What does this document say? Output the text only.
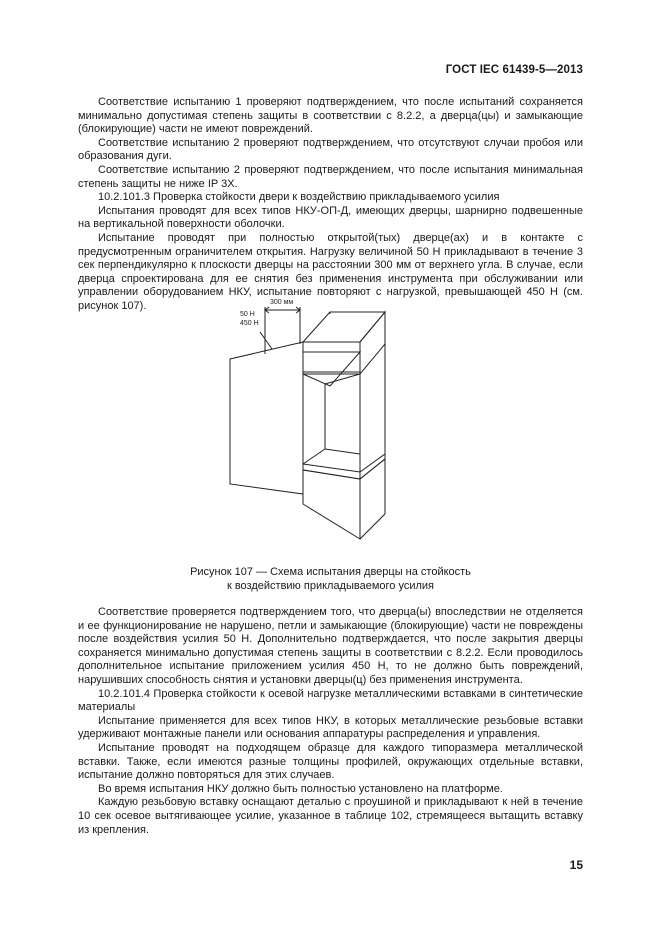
ГОСТ IEC 61439-5—2013

Соответствие испытанию 1 проверяют подтверждением, что после испытаний сохраняется минимально допустимая степень защиты в соответствии с 8.2.2, а дверца(цы) и замыкающие (блокирующие) части не имеют повреждений.

Соответствие испытанию 2 проверяют подтверждением, что отсутствуют случаи пробоя или образования дуги.

Соответствие испытанию 2 проверяют подтверждением, что после испытания минимальная степень защиты не ниже IP 3X.

10.2.101.3 Проверка стойкости двери к воздействию прикладываемого усилия

Испытания проводят для всех типов НКУ-ОП-Д, имеющих дверцы, шарнирно подвешенные на вертикальной поверхности оболочки.

Испытание проводят при полностью открытой(тых) дверце(ах) и в контакте с предусмотренным ограничителем открытия. Нагрузку величиной 50 Н прикладывают в течение 3 сек перпендикулярно к плоскости дверцы на расстоянии 300 мм от верхнего угла. В случае, если дверца спроектирована для ее снятия без применения инструмента при обслуживании или управлении оборудованием НКУ, испытание повторяют с нагрузкой, превышающей 450 Н (см. рисунок 107).	300 мм
50 Н
450 Н
Рисунок 107 — Схема испытания дверцы на стойкость
к воздействию прикладываемого усилия

Соответствие проверяется подтверждением того, что дверца(ы) впоследствии не отделяется и ее функционирование не нарушено, петли и замыкающие (блокирующие) части не повреждены после воздействия усилия 50 Н. Дополнительно подтверждается, что после закрытия дверцы сохраняется минимально допустимая степень защиты в соответствии с 8.2.2. Если проводилось дополнительное испытание приложением усилия 450 Н, то не должно быть повреждений, нарушивших способность снятия и установки дверцы(ц) без применения инструмента.

10.2.101.4 Проверка стойкости к осевой нагрузке металлическими вставками в синтетические материалы

Испытание применяется для всех типов НКУ, в которых металлические резьбовые вставки удерживают монтажные панели или основания аппаратуры распределения и управления.

Испытание проводят на подходящем образце для каждого типоразмера металлической вставки. Также, если имеются разные толщины профилей, окружающих отдельные вставки, испытание должно повторяться для этих случаев.

Во время испытания НКУ должно быть полностью установлено на платформе.

Каждую резьбовую вставку оснащают деталью с проушиной и прикладывают к ней в течение 10 сек осевое вытягивающее усилие, указанное в таблице 102, стремящееся вытащить вставку из крепления.

15
